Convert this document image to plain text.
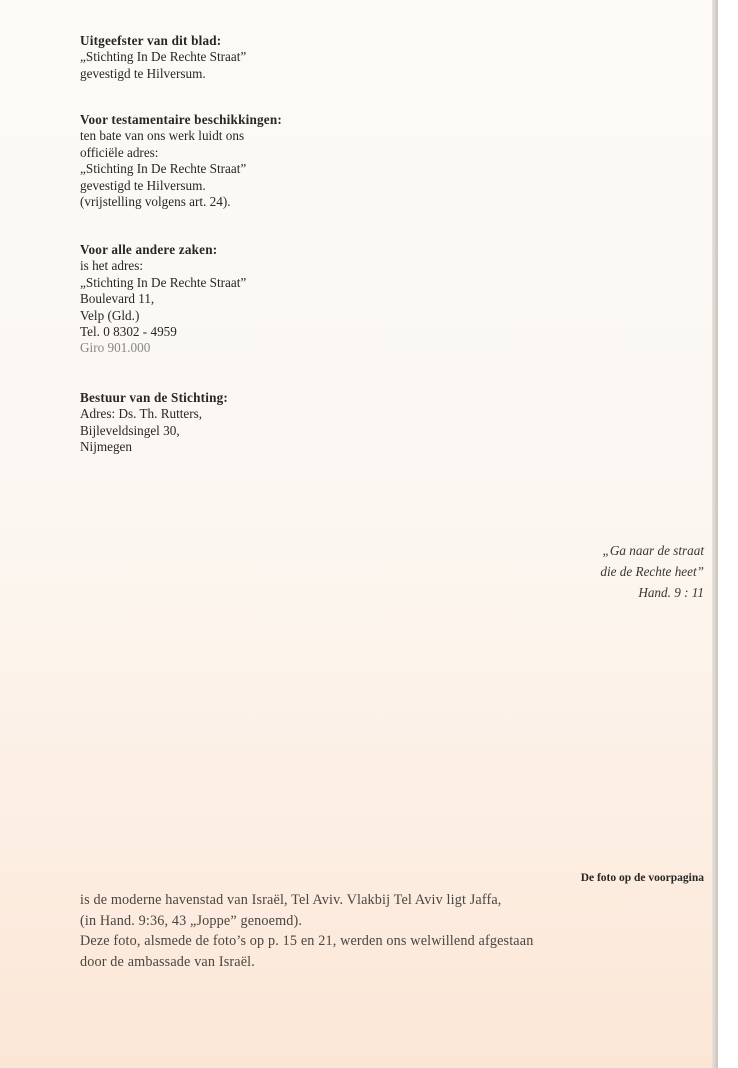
Uitgeefster van dit blad:
„Stichting In De Rechte Straat”
gevestigd te Hilversum.
Voor testamentaire beschikkingen:
ten bate van ons werk luidt ons
officiële adres:
„Stichting In De Rechte Straat”
gevestigd te Hilversum.
(vrijstelling volgens art. 24).
Voor alle andere zaken:
is het adres:
„Stichting In De Rechte Straat”
Boulevard 11,
Velp (Gld.)
Tel. 0 8302 - 4959
Giro 901.000
Bestuur van de Stichting:
Adres: Ds. Th. Rutters,
Bijleveldsingel 30,
Nijmegen
„Ga naar de straat
die de Rechte heet”
Hand. 9 : 11
De foto op de voorpagina
is de moderne havenstad van Israël, Tel Aviv. Vlakbij Tel Aviv ligt Jaffa,
(in Hand. 9:36, 43 „Joppe” genoemd).
Deze foto, alsmede de foto’s op p. 15 en 21, werden ons welwillend afgestaan
door de ambassade van Israël.
